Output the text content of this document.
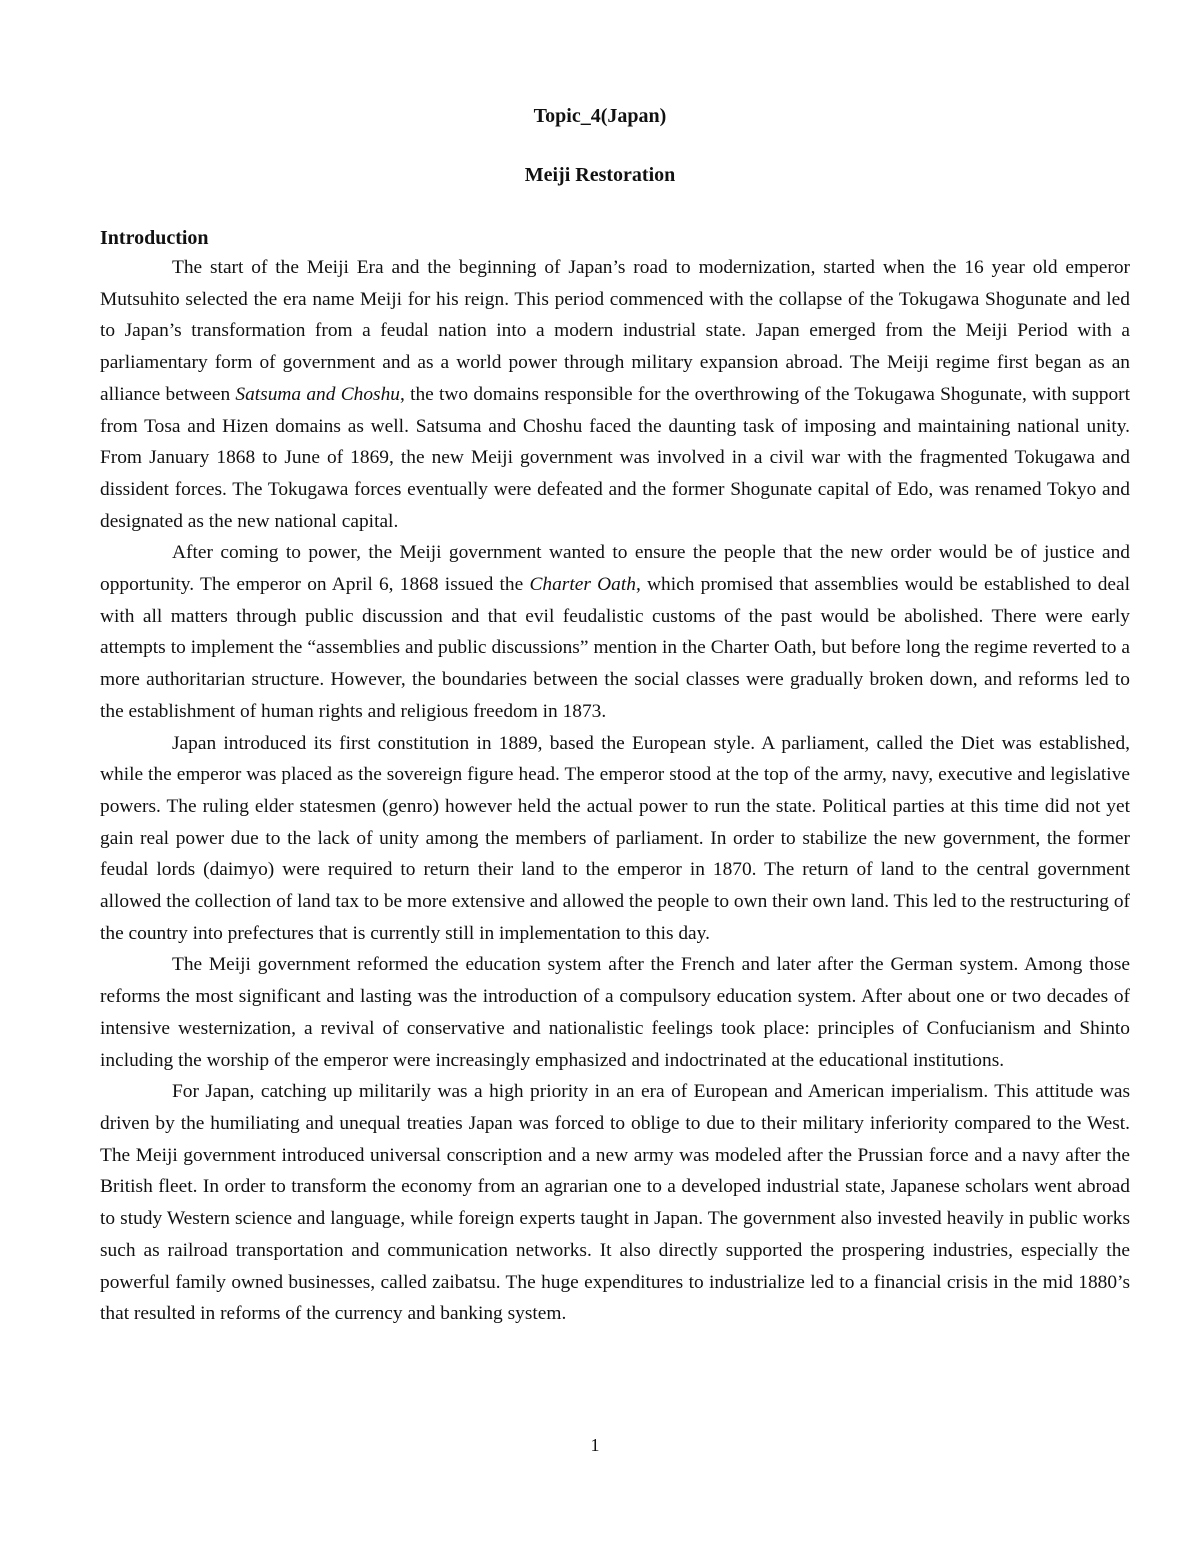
Topic_4(Japan)
Meiji Restoration
Introduction

The start of the Meiji Era and the beginning of Japan’s road to modernization, started when the 16 year old emperor Mutsuhito selected the era name Meiji for his reign. This period commenced with the collapse of the Tokugawa Shogunate and led to Japan’s transformation from a feudal nation into a modern industrial state. Japan emerged from the Meiji Period with a parliamentary form of government and as a world power through military expansion abroad. The Meiji regime first began as an alliance between Satsuma and Choshu, the two domains responsible for the overthrowing of the Tokugawa Shogunate, with support from Tosa and Hizen domains as well. Satsuma and Choshu faced the daunting task of imposing and maintaining national unity. From January 1868 to June of 1869, the new Meiji government was involved in a civil war with the fragmented Tokugawa and dissident forces. The Tokugawa forces eventually were defeated and the former Shogunate capital of Edo, was renamed Tokyo and designated as the new national capital.

After coming to power, the Meiji government wanted to ensure the people that the new order would be of justice and opportunity. The emperor on April 6, 1868 issued the Charter Oath, which promised that assemblies would be established to deal with all matters through public discussion and that evil feudalistic customs of the past would be abolished. There were early attempts to implement the “assemblies and public discussions” mention in the Charter Oath, but before long the regime reverted to a more authoritarian structure. However, the boundaries between the social classes were gradually broken down, and reforms led to the establishment of human rights and religious freedom in 1873.

Japan introduced its first constitution in 1889, based the European style. A parliament, called the Diet was established, while the emperor was placed as the sovereign figure head. The emperor stood at the top of the army, navy, executive and legislative powers. The ruling elder statesmen (genro) however held the actual power to run the state. Political parties at this time did not yet gain real power due to the lack of unity among the members of parliament. In order to stabilize the new government, the former feudal lords (daimyo) were required to return their land to the emperor in 1870. The return of land to the central government allowed the collection of land tax to be more extensive and allowed the people to own their own land. This led to the restructuring of the country into prefectures that is currently still in implementation to this day.

The Meiji government reformed the education system after the French and later after the German system. Among those reforms the most significant and lasting was the introduction of a compulsory education system. After about one or two decades of intensive westernization, a revival of conservative and nationalistic feelings took place: principles of Confucianism and Shinto including the worship of the emperor were increasingly emphasized and indoctrinated at the educational institutions.

For Japan, catching up militarily was a high priority in an era of European and American imperialism. This attitude was driven by the humiliating and unequal treaties Japan was forced to oblige to due to their military inferiority compared to the West. The Meiji government introduced universal conscription and a new army was modeled after the Prussian force and a navy after the British fleet. In order to transform the economy from an agrarian one to a developed industrial state, Japanese scholars went abroad to study Western science and language, while foreign experts taught in Japan. The government also invested heavily in public works such as railroad transportation and communication networks. It also directly supported the prospering industries, especially the powerful family owned businesses, called zaibatsu. The huge expenditures to industrialize led to a financial crisis in the mid 1880’s that resulted in reforms of the currency and banking system.

1
